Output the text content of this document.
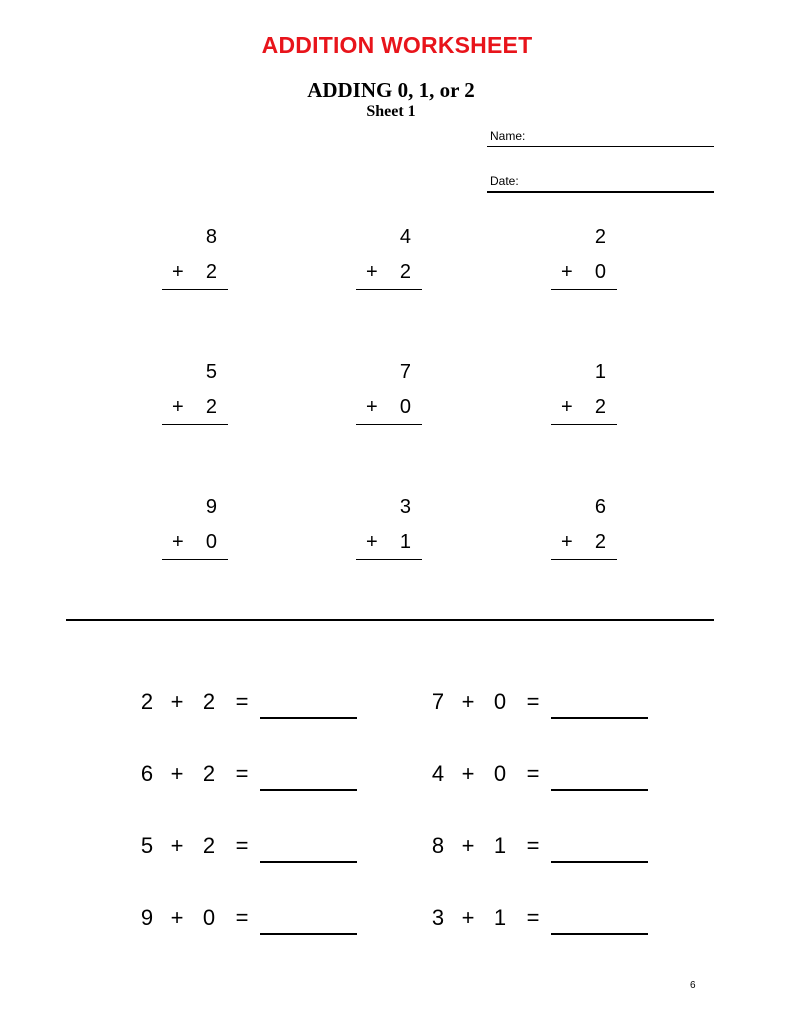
ADDITION WORKSHEET
ADDING 0, 1, or 2
Sheet 1
Name:
Date:
8
+ 2
4
+ 2
2
+ 0
5
+ 2
7
+ 0
1
+ 2
9
+ 0
3
+ 1
6
+ 2
2 + 2 =	7 + 0 =
6 + 2 =	4 + 0 =
5 + 2 =	8 + 1 =
9 + 0 =	3 + 1 =
6
